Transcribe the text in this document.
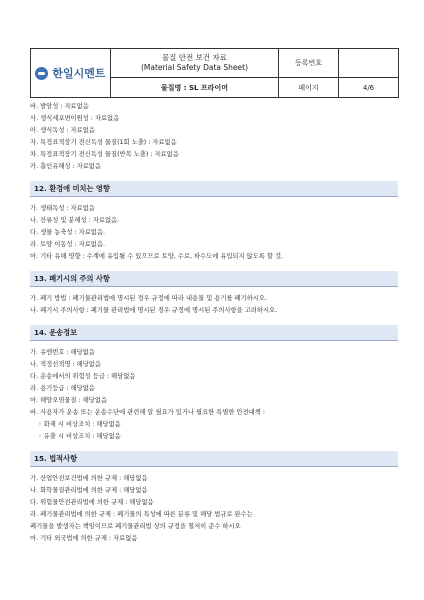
한일시멘트	물질 안전 보건 자료
(Material Safety Data Sheet)	등록번호	
	물질명 : SL 프라이머	페이지	4/6
바. 발암성 : 자료없음
사. 생식세포변이원성 : 자료없음
아. 생식독성 : 자료없음
자. 특정표적장기 전신독성 물질(1회 노출) : 자료없음
차. 특정표적장기 전신독성 물질(반복 노출) : 자료없음
카. 흡인유해성 : 자료없음
12. 환경에 미치는 영향
가. 생태독성 : 자료없음
나. 잔류성 및 분해성 : 자료없음.
다. 생물 농축성 : 자료없음.
라. 토양 이동성 : 자료없음.
마. 기타 유해 영향 : 수계에 유입될 수 있으므로 토양, 수로, 하수도에 유입되지 않도록 할 것.
13. 폐기시의 주의 사항
가. 폐기 방법 : 폐기물관리법에 명시된 경우 규정에 따라 내용물 및 용기를 폐기하시오.
나. 폐기시 주의사항 : 폐기물 관리법에 명시된 경우 규정에 명시된 주의사항을 고려하시오.
14. 운송정보
가. 유엔번호 : 해당없음
나. 적정선적명 : 해당없음
다. 운송에서의 위험성 등급 : 해당없음
라. 용기등급 : 해당없음
마. 해양오염물질 : 해당없음
바. 사용자가 운송 또는 운송수단에 관련해 알 필요가 있거나 필요한 특별한 안전대책 :
◦ 화재 시 비상조치 : 해당없음
◦ 유출 시 비상조치 : 해당없음
15. 법적사항
가. 산업안전보건법에 의한 규제 : 해당없음
나. 화학물질관리법에 의한 규제 : 해당없음
다. 위험물안전관리법에 의한 규제 : 해당없음
라. 폐기물관리법에 의한 규제 : 폐기물의 특성에 따른 분류 및 해당 법규로 완수는
폐기물을 발생자는 책임이므로 폐기물관리법 상의 규정을 철저히 준수 하시오
마. 기타 외국법에 의한 규제 : 자료없음
